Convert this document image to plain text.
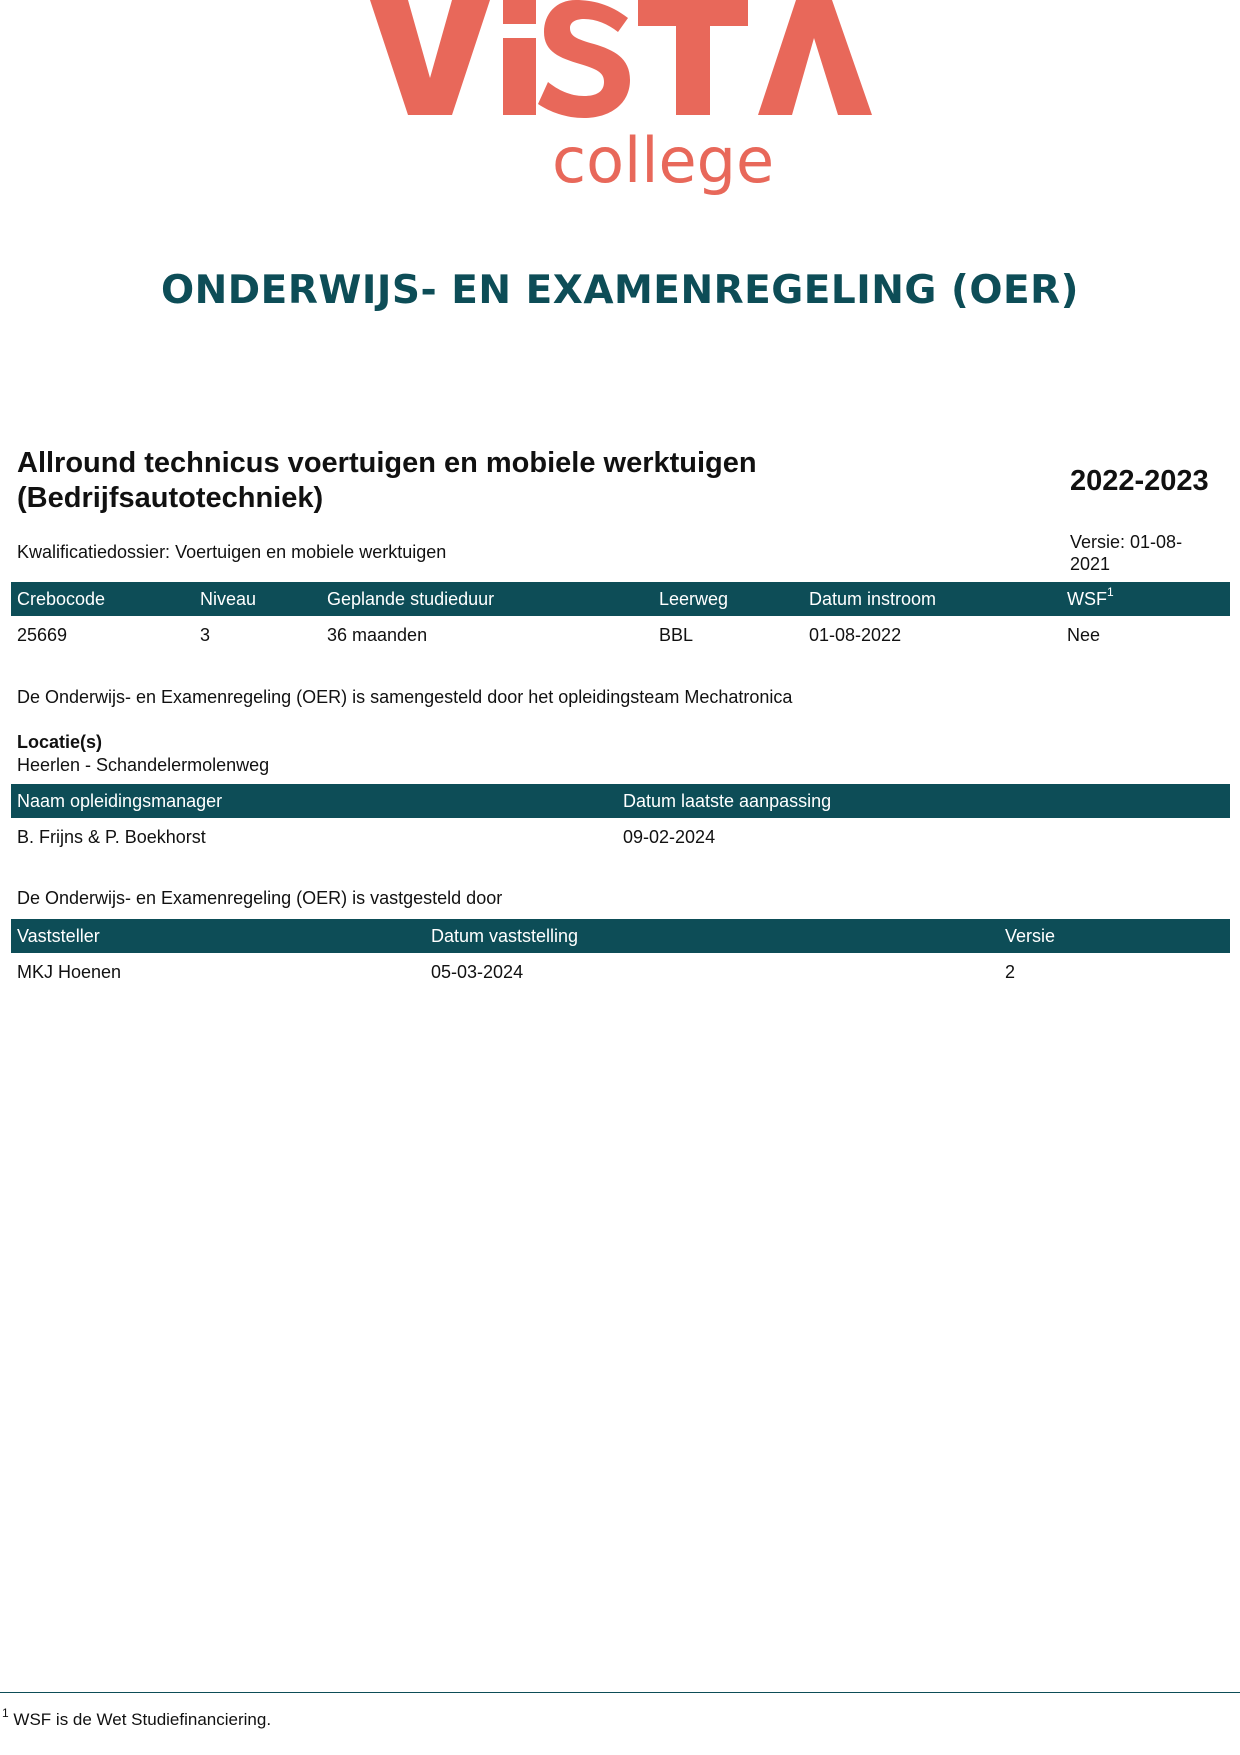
college
ONDERWIJS- EN EXAMENREGELING (OER)
Allround technicus voertuigen en mobiele werktuigen
(Bedrijfsautotechniek)
2022-2023
Kwalificatiedossier: Voertuigen en mobiele werktuigen	Versie: 01-08-
2021
Crebocode	Niveau	Geplande studieduur	Leerweg	Datum instroom	WSF$^1$
25669	3	36 maanden	BBL	01-08-2022	Nee
De Onderwijs- en Examenregeling (OER) is samengesteld door het opleidingsteam Mechatronica
Locatie(s)
Heerlen - Schandelermolenweg
Naam opleidingsmanager	Datum laatste aanpassing
B. Frijns & P. Boekhorst	09-02-2024
De Onderwijs- en Examenregeling (OER) is vastgesteld door
Vaststeller	Datum vaststelling	Versie
MKJ Hoenen	05-03-2024	2
$^1$ WSF is de Wet Studiefinanciering.
